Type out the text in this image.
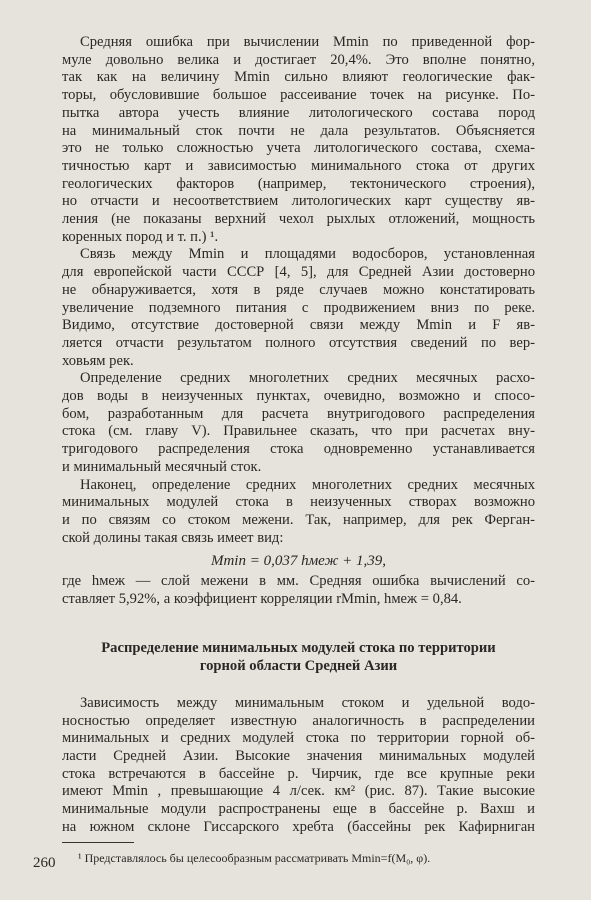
Средняя ошибка при вычислении Mmin по приведенной фор-
муле довольно велика и достигает 20,4%. Это вполне понятно,
так как на величину Mmin сильно влияют геологические фак-
торы, обусловившие большое рассеивание точек на рисунке. По-
пытка автора учесть влияние литологического состава пород
на минимальный сток почти не дала результатов. Объясняется
это не только сложностью учета литологического состава, схема-
тичностью карт и зависимостью минимального стока от других
геологических факторов (например, тектонического строения),
но отчасти и несоответствием литологических карт существу яв-
ления (не показаны верхний чехол рыхлых отложений, мощность
коренных пород и т. п.) ¹.
Связь между Mmin и площадями водосборов, установленная
для европейской части СССР [4, 5], для Средней Азии достоверно
не обнаруживается, хотя в ряде случаев можно констатировать
увеличение подземного питания с продвижением вниз по реке.
Видимо, отсутствие достоверной связи между Mmin и F яв-
ляется отчасти результатом полного отсутствия сведений по вер-
ховьям рек.
Определение средних многолетних средних месячных расхо-
дов воды в неизученных пунктах, очевидно, возможно и спосо-
бом, разработанным для расчета внутригодового распределения
стока (см. главу V). Правильнее сказать, что при расчетах вну-
тригодового распределения стока одновременно устанавливается
и минимальный месячный сток.
Наконец, определение средних многолетних средних месячных
минимальных модулей стока в неизученных створах возможно
и по связям со стоком межени. Так, например, для рек Ферган-
ской долины такая связь имеет вид:
Mmin = 0,037 hмеж + 1,39,
где hмеж — слой межени в мм. Средняя ошибка вычислений со-
ставляет 5,92%, а коэффициент корреляции rMmin, hмеж = 0,84.
Распределение минимальных модулей стока по территории
горной области Средней Азии
Зависимость между минимальным стоком и удельной водо-
носностью определяет известную аналогичность в распределении
минимальных и средних модулей стока по территории горной об-
ласти Средней Азии. Высокие значения минимальных модулей
стока встречаются в бассейне р. Чирчик, где все крупные реки
имеют Mmin , превышающие 4 л/сек. км² (рис. 87). Такие высокие
минимальные модули распространены еще в бассейне р. Вахш и
на южном склоне Гиссарского хребта (бассейны рек Кафирниган
¹ Представлялось бы целесообразным рассматривать Mmin=f(M₀, φ).
260
